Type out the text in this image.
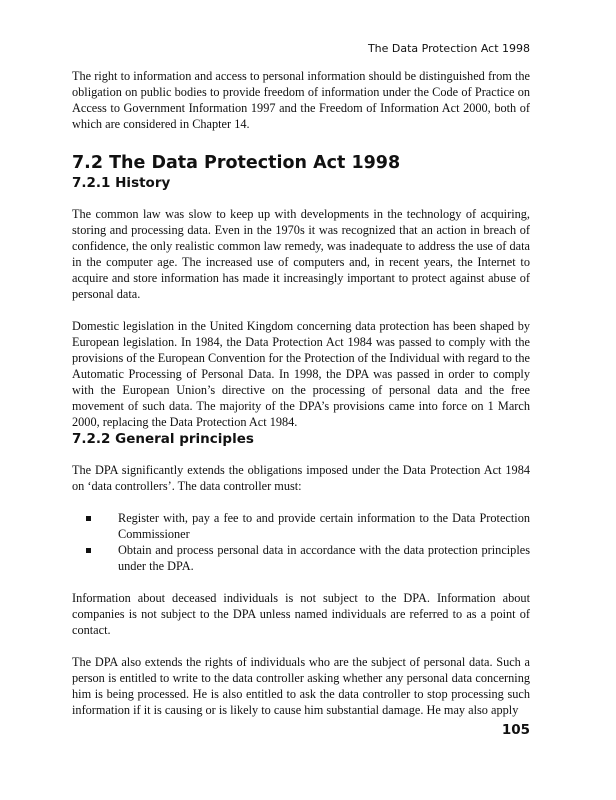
The Data Protection Act 1998

The right to information and access to personal information should be distinguished from the obligation on public bodies to provide freedom of information under the Code of Practice on Access to Government Information 1997 and the Freedom of Information Act 2000, both of which are considered in Chapter 14.

7.2 The Data Protection Act 1998
7.2.1 History

The common law was slow to keep up with developments in the technology of acquiring, storing and processing data. Even in the 1970s it was recognized that an action in breach of confidence, the only realistic common law remedy, was inadequate to address the use of data in the computer age. The increased use of computers and, in recent years, the Internet to acquire and store information has made it increasingly important to protect against abuse of personal data.

Domestic legislation in the United Kingdom concerning data protection has been shaped by European legislation. In 1984, the Data Protection Act 1984 was passed to comply with the provisions of the European Convention for the Protection of the Individual with regard to the Automatic Processing of Personal Data. In 1998, the DPA was passed in order to comply with the European Union’s directive on the processing of personal data and the free movement of such data. The majority of the DPA’s provisions came into force on 1 March 2000, replacing the Data Protection Act 1984.

7.2.2 General principles

The DPA significantly extends the obligations imposed under the Data Protection Act 1984 on ‘data controllers’. The data controller must:

Register with, pay a fee to and provide certain information to the Data Protection Commissioner
Obtain and process personal data in accordance with the data protection principles under the DPA.

Information about deceased individuals is not subject to the DPA. Information about companies is not subject to the DPA unless named individuals are referred to as a point of contact.

The DPA also extends the rights of individuals who are the subject of personal data. Such a person is entitled to write to the data controller asking whether any personal data concerning him is being processed. He is also entitled to ask the data controller to stop processing such information if it is causing or is likely to cause him substantial damage. He may also apply

105
